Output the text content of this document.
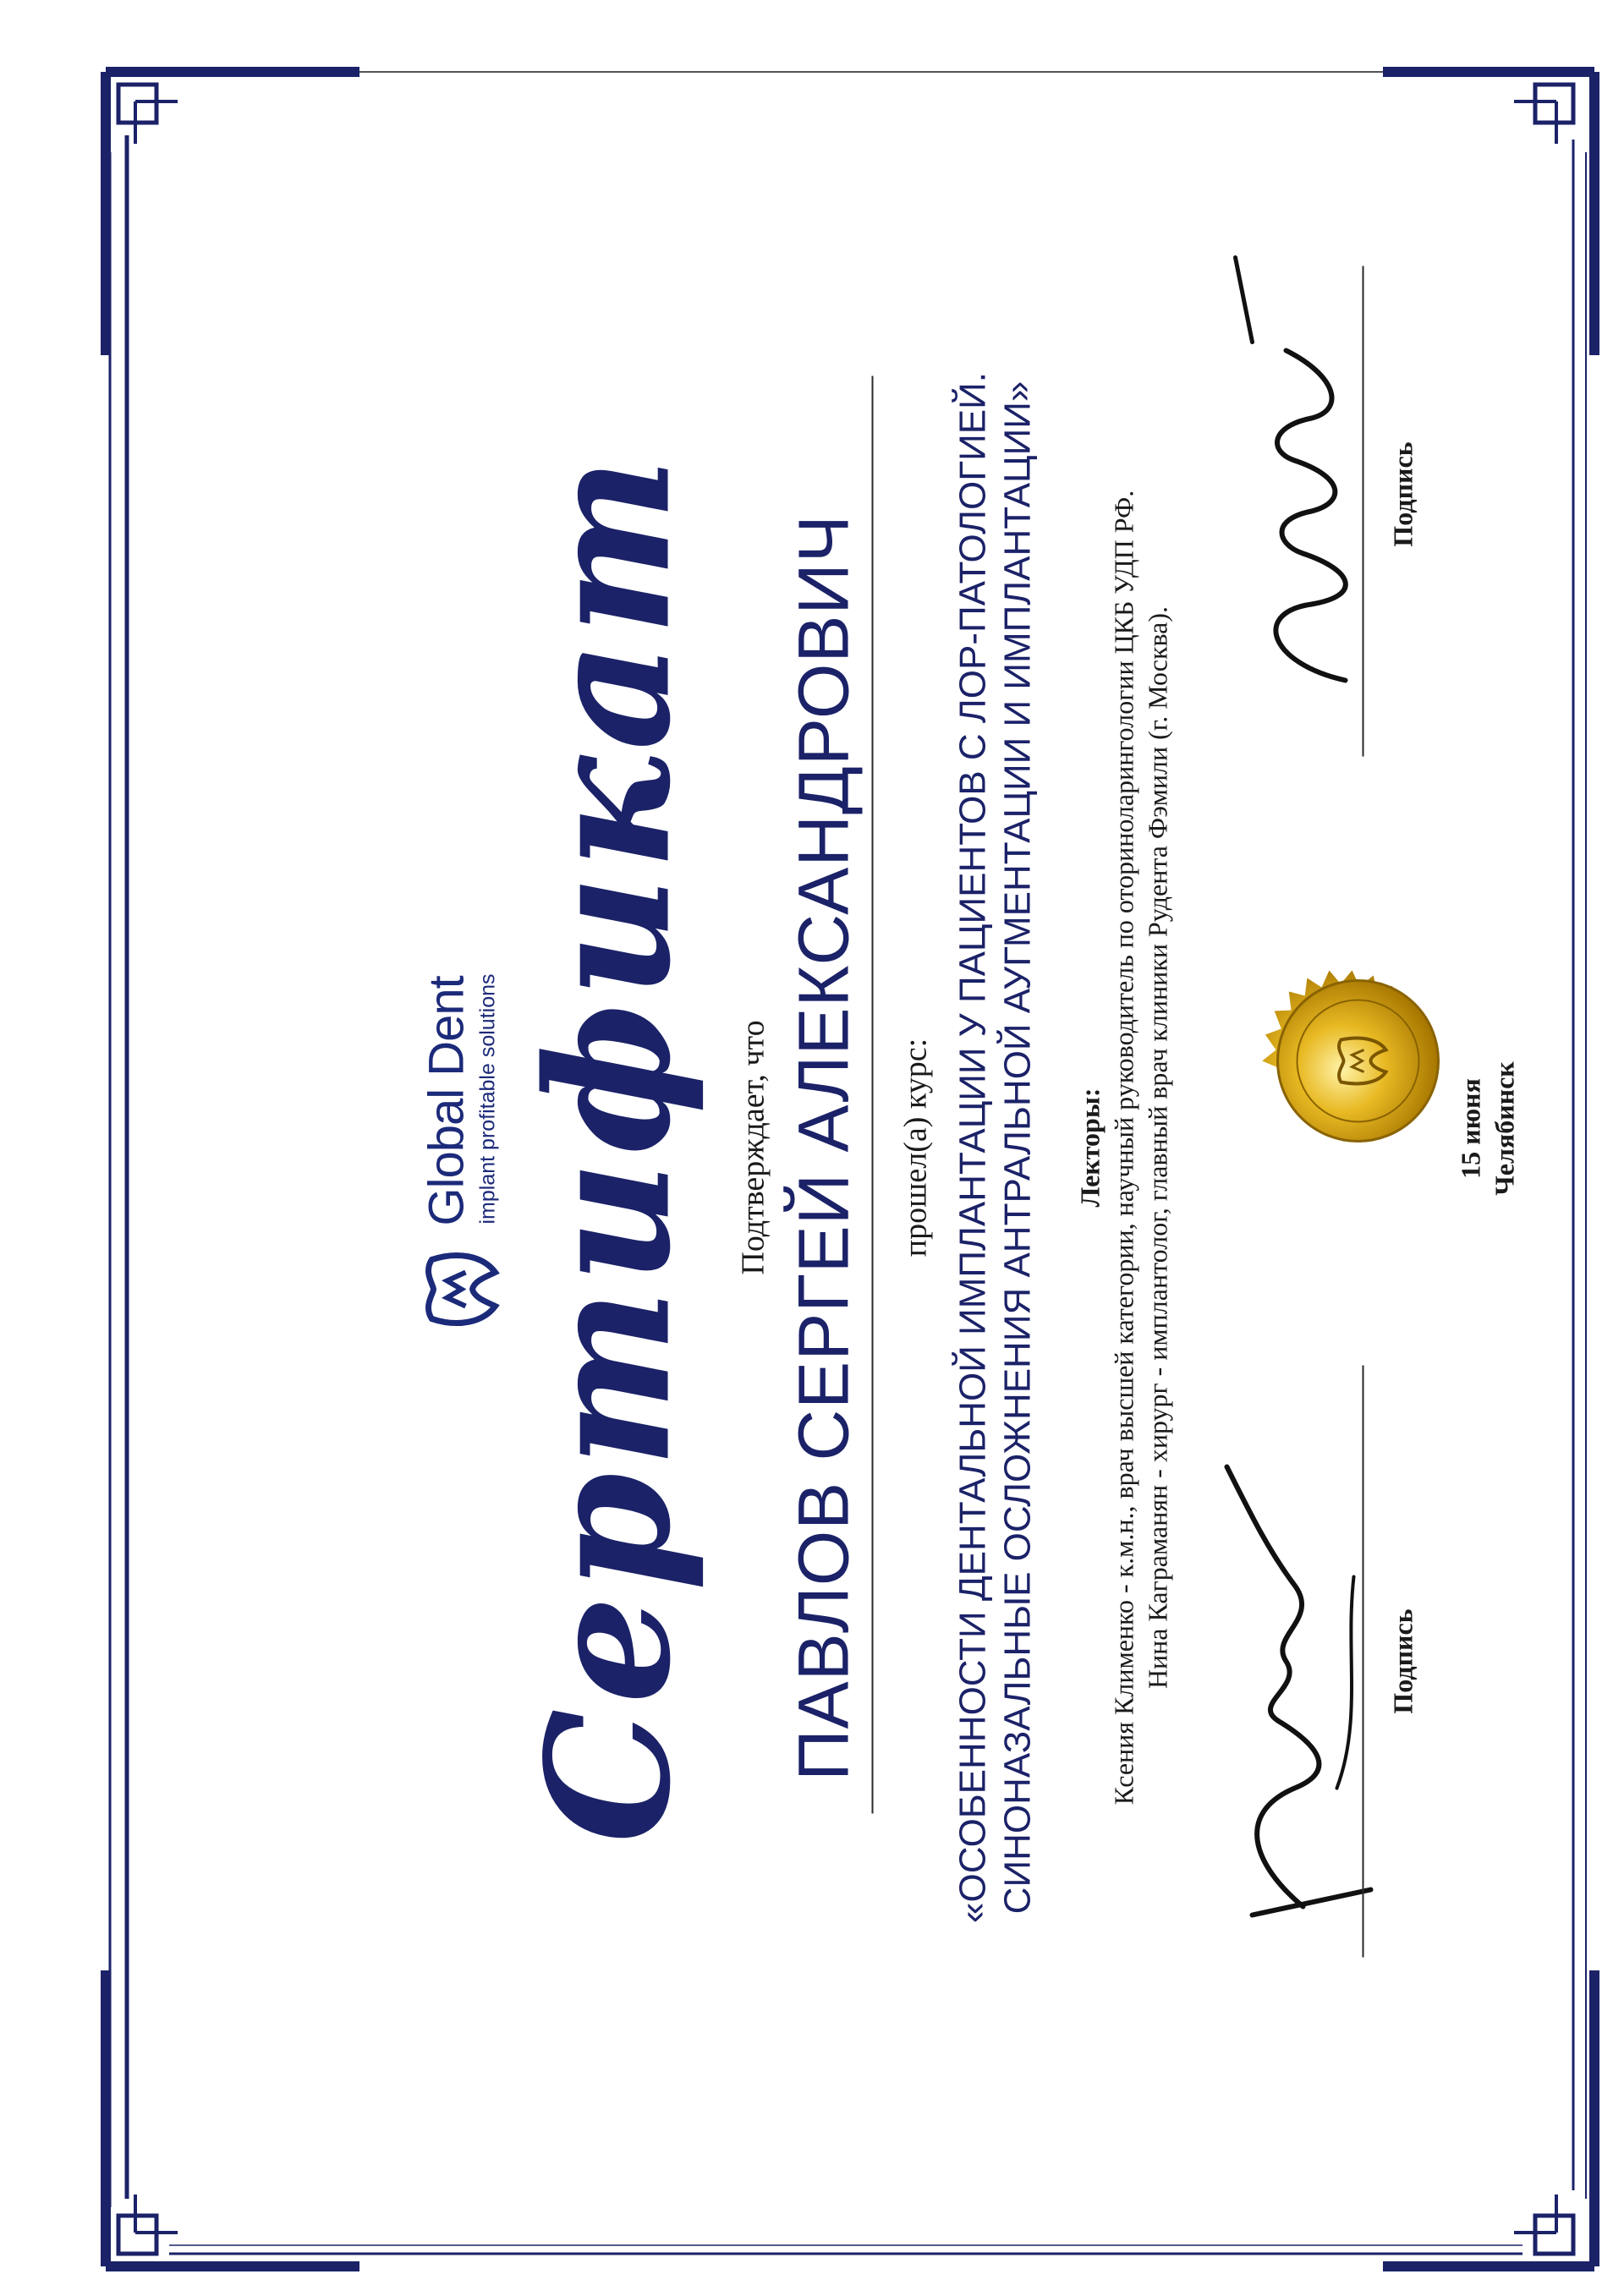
Global Dent implant profitable solutions Сертификат Подтверждает, что ПАВЛОВ СЕРГЕЙ АЛЕКСАНДРОВИЧ прошел(а) курс: «ОСОБЕННОСТИ ДЕНТАЛЬНОЙ ИМПЛАНТАЦИИ У ПАЦИЕНТОВ С ЛОР-ПАТОЛОГИЕЙ. СИНОНАЗАЛЬНЫЕ ОСЛОЖНЕНИЯ АНТРАЛЬНОЙ АУГМЕНТАЦИИ И ИМПЛАНТАЦИИ» Лекторы: Ксения Клименко - к.м.н., врач высшей категории, научный руководитель по оториноларингологии ЦКБ УДП РФ. Нина Каграманян - хирург - имплантолог, главный врач клиники Рудента Фэмили (г. Москва).	Подпись
15 июня Челябинск
Подпись
